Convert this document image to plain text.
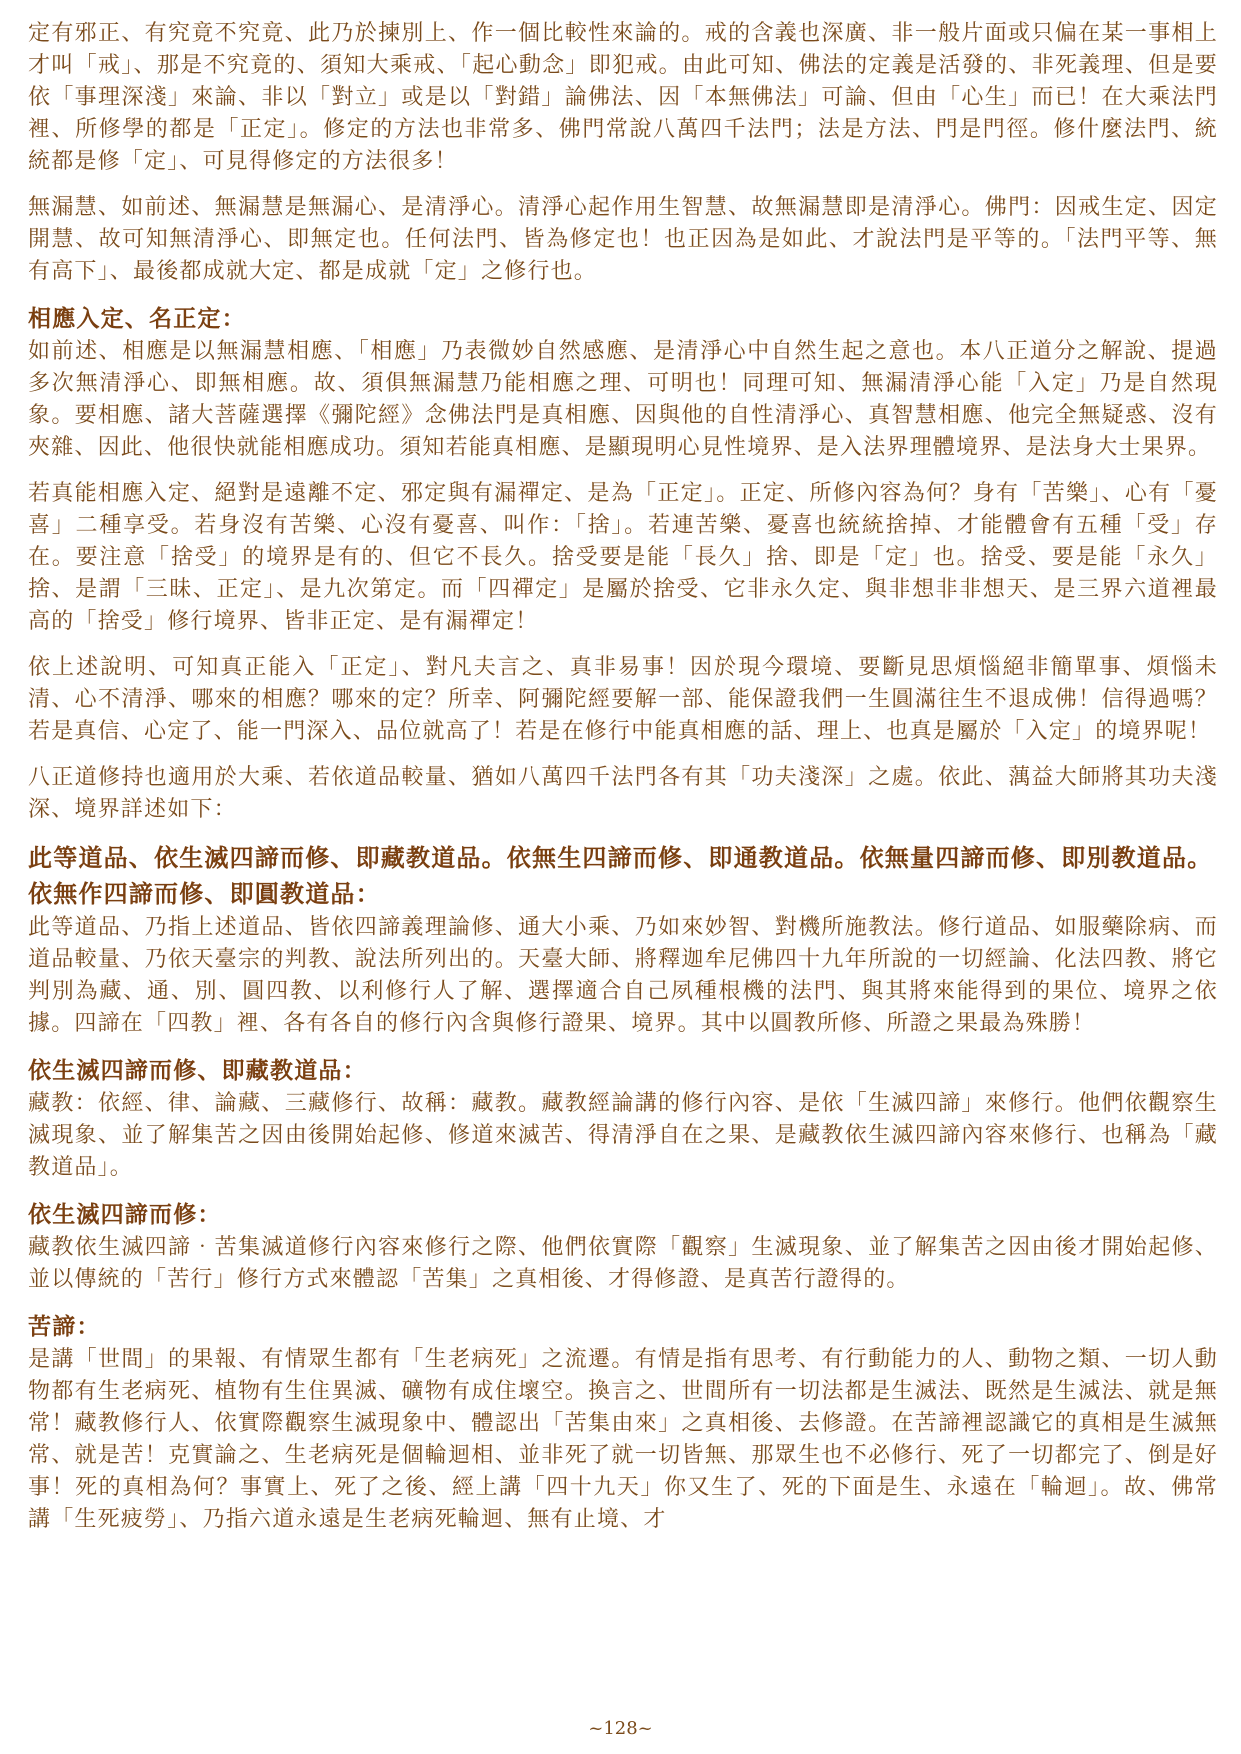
定有邪正、有究竟不究竟、此乃於揀別上、作一個比較性來論的。戒的含義也深廣、非一般片面或只偏在某一事相上才叫「戒」、那是不究竟的、須知大乘戒、「起心動念」即犯戒。由此可知、佛法的定義是活發的、非死義理、但是要依「事理深淺」來論、非以「對立」或是以「對錯」論佛法、因「本無佛法」可論、但由「心生」而已！在大乘法門裡、所修學的都是「正定」。修定的方法也非常多、佛門常說八萬四千法門；法是方法、門是門徑。修什麼法門、統統都是修「定」、可見得修定的方法很多！

無漏慧、如前述、無漏慧是無漏心、是清淨心。清淨心起作用生智慧、故無漏慧即是清淨心。佛門：因戒生定、因定開慧、故可知無清淨心、即無定也。任何法門、皆為修定也！也正因為是如此、才說法門是平等的。「法門平等、無有高下」、最後都成就大定、都是成就「定」之修行也。

相應入定、名正定：

如前述、相應是以無漏慧相應、「相應」乃表微妙自然感應、是清淨心中自然生起之意也。本八正道分之解說、提過多次無清淨心、即無相應。故、須俱無漏慧乃能相應之理、可明也！同理可知、無漏清淨心能「入定」乃是自然現象。要相應、諸大菩薩選擇《彌陀經》念佛法門是真相應、因與他的自性清淨心、真智慧相應、他完全無疑惑、沒有夾雜、因此、他很快就能相應成功。須知若能真相應、是顯現明心見性境界、是入法界理體境界、是法身大士果界。

若真能相應入定、絕對是遠離不定、邪定與有漏禪定、是為「正定」。正定、所修內容為何？身有「苦樂」、心有「憂喜」二種享受。若身沒有苦樂、心沒有憂喜、叫作：「捨」。若連苦樂、憂喜也統統捨掉、才能體會有五種「受」存在。要注意「捨受」的境界是有的、但它不長久。捨受要是能「長久」捨、即是「定」也。捨受、要是能「永久」捨、是謂「三昧、正定」、是九次第定。而「四禪定」是屬於捨受、它非永久定、與非想非非想天、是三界六道裡最高的「捨受」修行境界、皆非正定、是有漏禪定！

依上述說明、可知真正能入「正定」、對凡夫言之、真非易事！因於現今環境、要斷見思煩惱絕非簡單事、煩惱未清、心不清淨、哪來的相應？哪來的定？所幸、阿彌陀經要解一部、能保證我們一生圓滿往生不退成佛！信得過嗎？若是真信、心定了、能一門深入、品位就高了！若是在修行中能真相應的話、理上、也真是屬於「入定」的境界呢！

八正道修持也適用於大乘、若依道品較量、猶如八萬四千法門各有其「功夫淺深」之處。依此、蕅益大師將其功夫淺深、境界詳述如下：

此等道品、依生滅四諦而修、即藏教道品。依無生四諦而修、即通教道品。依無量四諦而修、即別教道品。依無作四諦而修、即圓教道品：

此等道品、乃指上述道品、皆依四諦義理論修、通大小乘、乃如來妙智、對機所施教法。修行道品、如服藥除病、而道品較量、乃依天臺宗的判教、說法所列出的。天臺大師、將釋迦牟尼佛四十九年所說的一切經論、化法四教、將它判別為藏、通、別、圓四教、以利修行人了解、選擇適合自己夙種根機的法門、與其將來能得到的果位、境界之依據。四諦在「四教」裡、各有各自的修行內含與修行證果、境界。其中以圓教所修、所證之果最為殊勝！

依生滅四諦而修、即藏教道品：

藏教：依經、律、論藏、三藏修行、故稱：藏教。藏教經論講的修行內容、是依「生滅四諦」來修行。他們依觀察生滅現象、並了解集苦之因由後開始起修、修道來滅苦、得清淨自在之果、是藏教依生滅四諦內容來修行、也稱為「藏教道品」。

依生滅四諦而修：

藏教依生滅四諦‧苦集滅道修行內容來修行之際、他們依實際「觀察」生滅現象、並了解集苦之因由後才開始起修、並以傳統的「苦行」修行方式來體認「苦集」之真相後、才得修證、是真苦行證得的。

苦諦：

是講「世間」的果報、有情眾生都有「生老病死」之流遷。有情是指有思考、有行動能力的人、動物之類、一切人動物都有生老病死、植物有生住異滅、礦物有成住壞空。換言之、世間所有一切法都是生滅法、既然是生滅法、就是無常！藏教修行人、依實際觀察生滅現象中、體認出「苦集由來」之真相後、去修證。在苦諦裡認識它的真相是生滅無常、就是苦！克實論之、生老病死是個輪迴相、並非死了就一切皆無、那眾生也不必修行、死了一切都完了、倒是好事！死的真相為何？事實上、死了之後、經上講「四十九天」你又生了、死的下面是生、永遠在「輪迴」。故、佛常講「生死疲勞」、乃指六道永遠是生老病死輪迴、無有止境、才

~128~
